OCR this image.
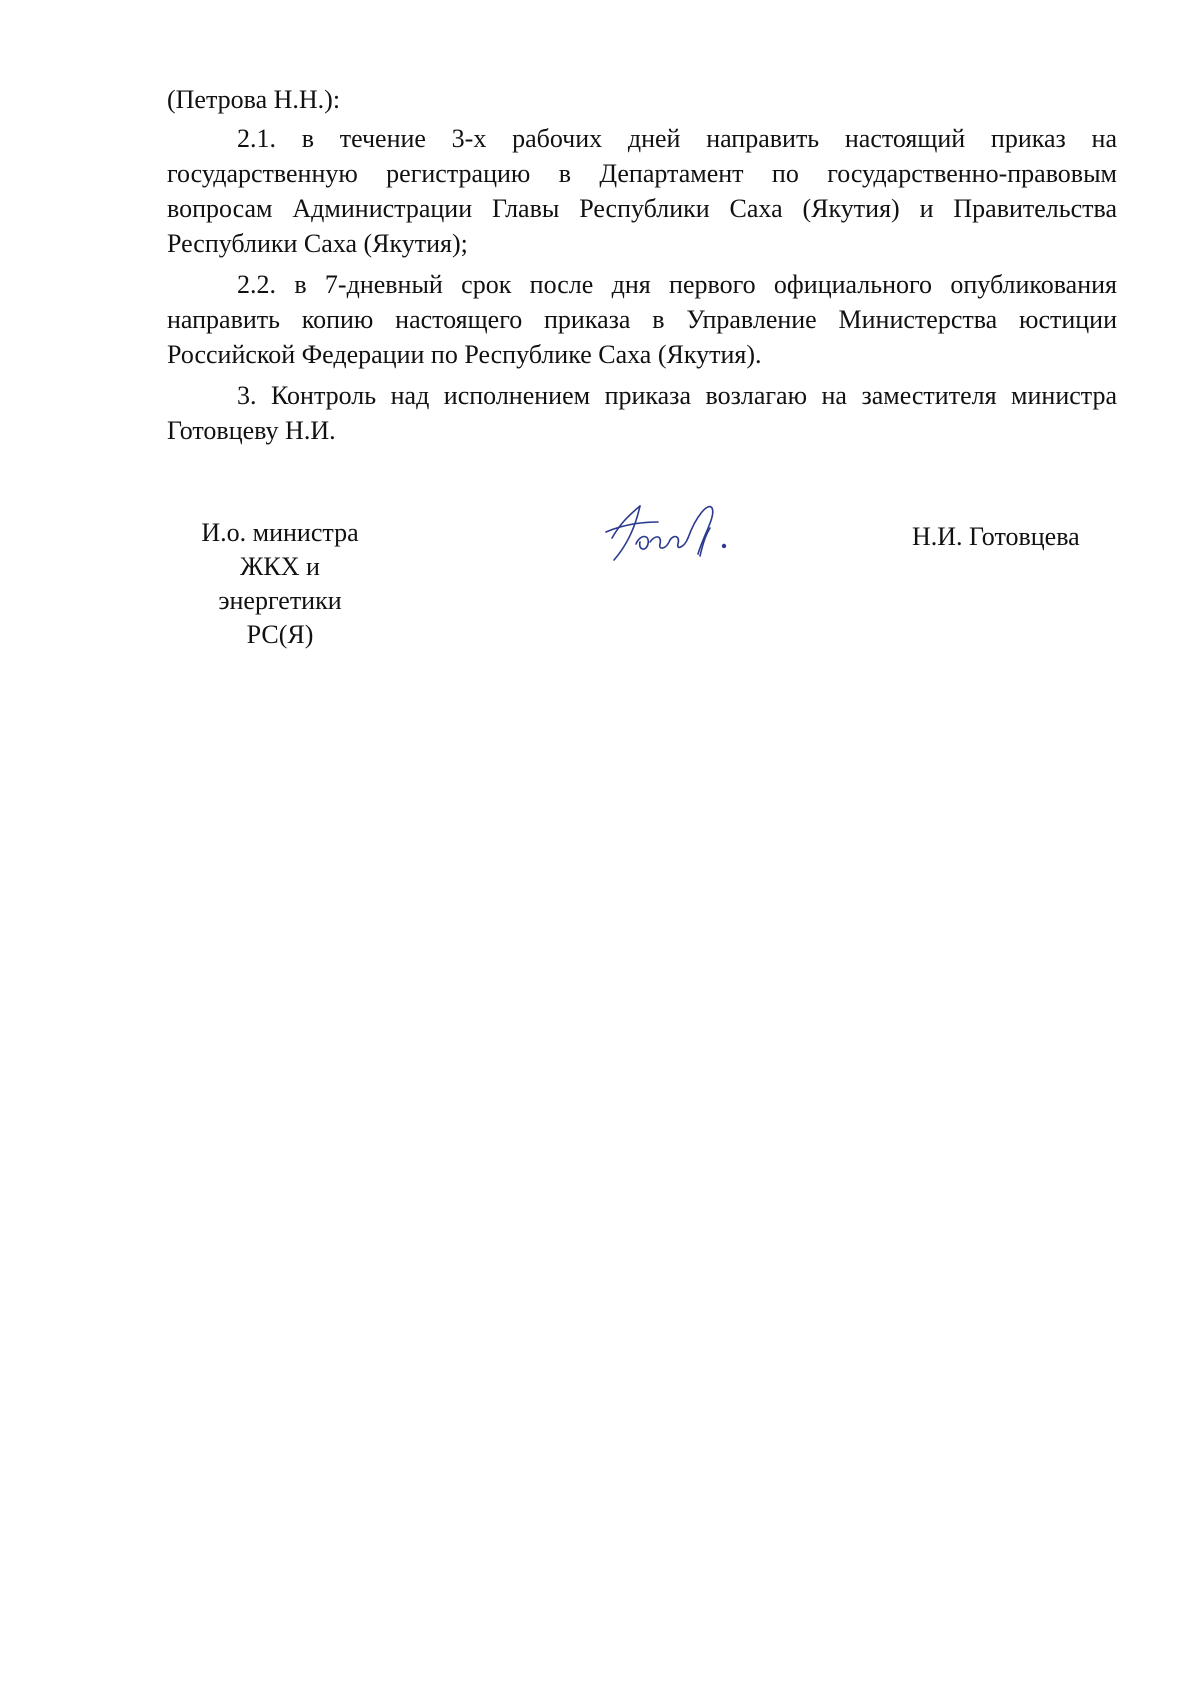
(Петрова Н.Н.):

2.1. в течение 3-х рабочих дней направить настоящий приказ на государственную регистрацию в Департамент по государственно-правовым вопросам Администрации Главы Республики Саха (Якутия) и Правительства Республики Саха (Якутия);

2.2. в 7-дневный срок после дня первого официального опубликования направить копию настоящего приказа в Управление Министерства юстиции Российской Федерации по Республике Саха (Якутия).

3. Контроль над исполнением приказа возлагаю на заместителя министра Готовцеву Н.И.

И.о. министра
ЖКХ и
энергетики
РС(Я)
Н.И. Готовцева
